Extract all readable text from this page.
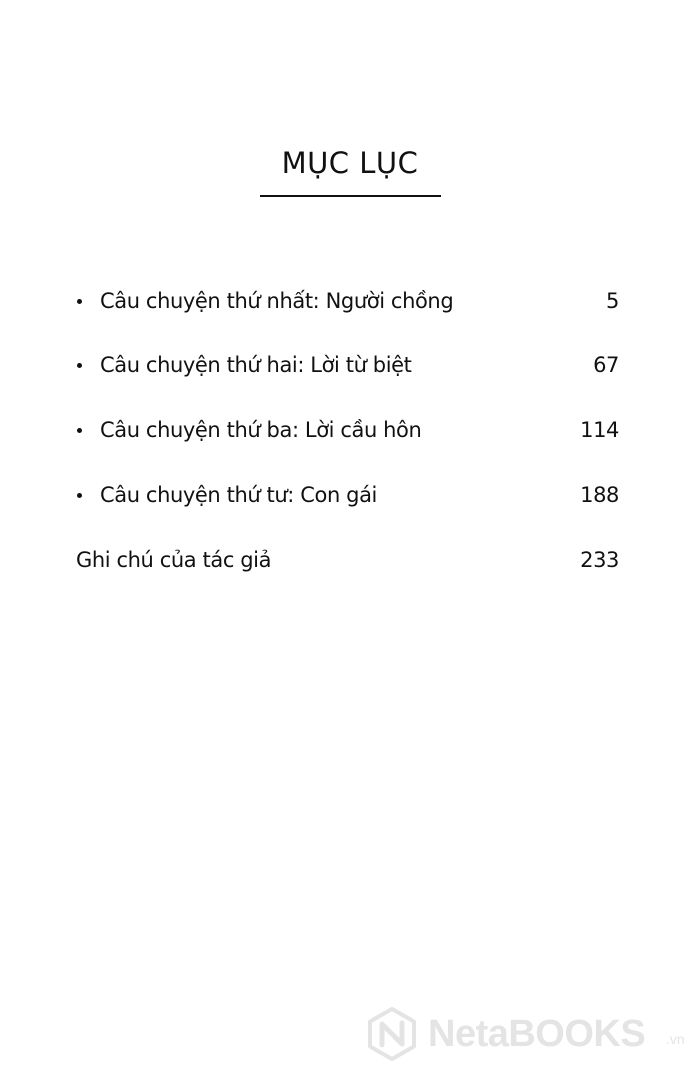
MỤC LỤC
Câu chuyện thứ nhất: Người chồng	5
Câu chuyện thứ hai: Lời từ biệt	67
Câu chuyện thứ ba: Lời cầu hôn	114
Câu chuyện thứ tư: Con gái	188
Ghi chú của tác giả	233
NetaBOOKS .vn
